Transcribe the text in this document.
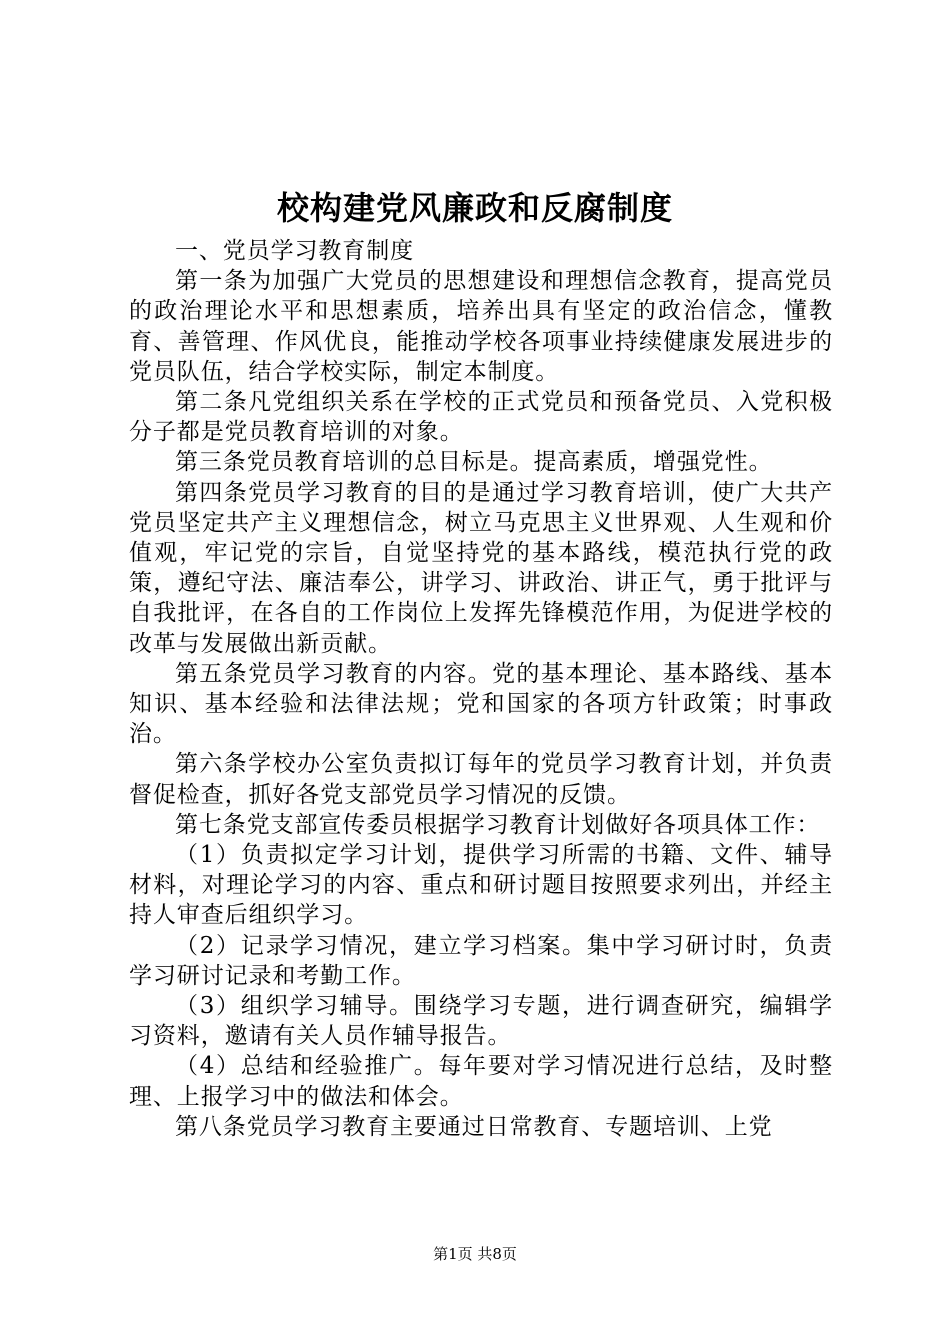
校构建党风廉政和反腐制度

一、党员学习教育制度

第一条为加强广大党员的思想建设和理想信念教育，提高党员的政治理论水平和思想素质，培养出具有坚定的政治信念，懂教育、善管理、作风优良，能推动学校各项事业持续健康发展进步的党员队伍，结合学校实际，制定本制度。

第二条凡党组织关系在学校的正式党员和预备党员、入党积极分子都是党员教育培训的对象。

第三条党员教育培训的总目标是。提高素质，增强党性。

第四条党员学习教育的目的是通过学习教育培训，使广大共产党员坚定共产主义理想信念，树立马克思主义世界观、人生观和价值观，牢记党的宗旨，自觉坚持党的基本路线，模范执行党的政策，遵纪守法、廉洁奉公，讲学习、讲政治、讲正气，勇于批评与自我批评，在各自的工作岗位上发挥先锋模范作用，为促进学校的改革与发展做出新贡献。

第五条党员学习教育的内容。党的基本理论、基本路线、基本知识、基本经验和法律法规；党和国家的各项方针政策；时事政治。

第六条学校办公室负责拟订每年的党员学习教育计划，并负责督促检查，抓好各党支部党员学习情况的反馈。

第七条党支部宣传委员根据学习教育计划做好各项具体工作：

（1）负责拟定学习计划，提供学习所需的书籍、文件、辅导材料，对理论学习的内容、重点和研讨题目按照要求列出，并经主持人审查后组织学习。

（2）记录学习情况，建立学习档案。集中学习研讨时，负责学习研讨记录和考勤工作。

（3）组织学习辅导。围绕学习专题，进行调查研究，编辑学习资料，邀请有关人员作辅导报告。

（4）总结和经验推广。每年要对学习情况进行总结，及时整理、上报学习中的做法和体会。

第八条党员学习教育主要通过日常教育、专题培训、上党

第1页 共8页
